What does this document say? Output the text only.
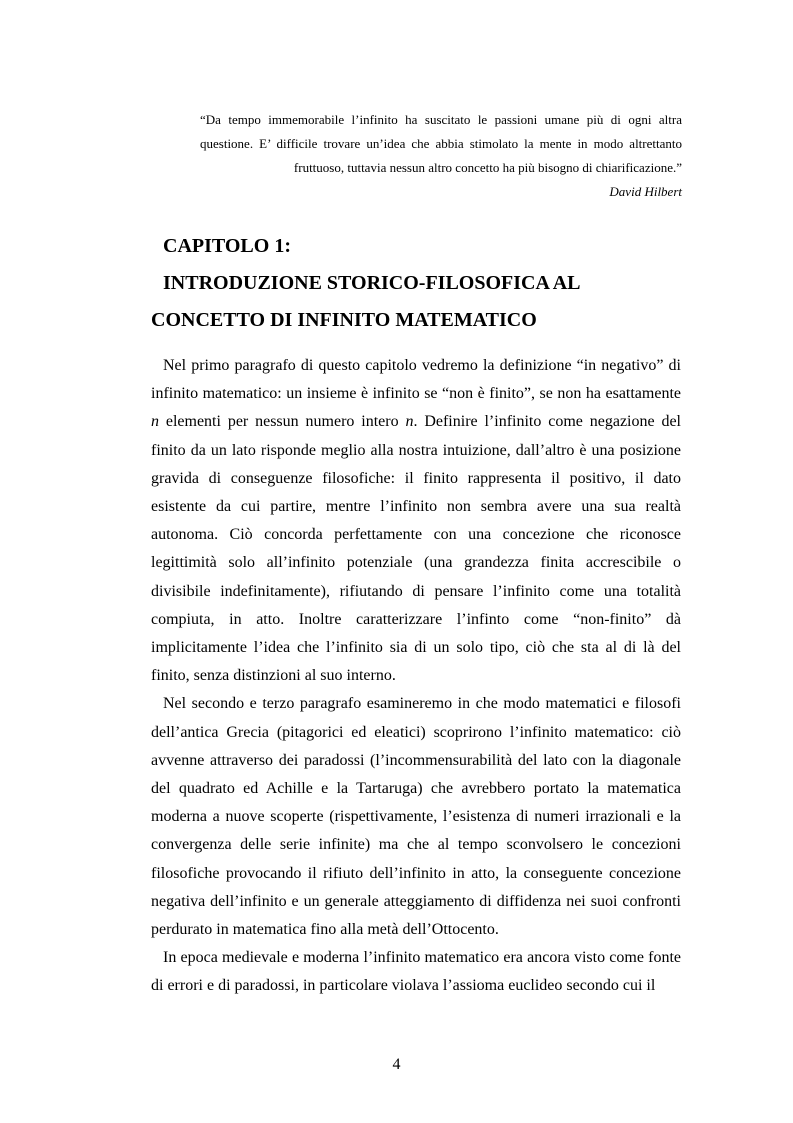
“Da tempo immemorabile l’infinito ha suscitato le passioni umane più di ogni altra questione. E’ difficile trovare un’idea che abbia stimolato la mente in modo altrettanto fruttuoso, tuttavia nessun altro concetto ha più bisogno di chiarificazione.”
David Hilbert
CAPITOLO 1:
INTRODUZIONE STORICO-FILOSOFICA AL CONCETTO DI INFINITO MATEMATICO

Nel primo paragrafo di questo capitolo vedremo la definizione “in negativo” di infinito matematico: un insieme è infinito se “non è finito”, se non ha esattamente n elementi per nessun numero intero n. Definire l’infinito come negazione del finito da un lato risponde meglio alla nostra intuizione, dall’altro è una posizione gravida di conseguenze filosofiche: il finito rappresenta il positivo, il dato esistente da cui partire, mentre l’infinito non sembra avere una sua realtà autonoma. Ciò concorda perfettamente con una concezione che riconosce legittimità solo all’infinito potenziale (una grandezza finita accrescibile o divisibile indefinitamente), rifiutando di pensare l’infinito come una totalità compiuta, in atto. Inoltre caratterizzare l’infinto come “non-finito” dà implicitamente l’idea che l’infinito sia di un solo tipo, ciò che sta al di là del finito, senza distinzioni al suo interno.

Nel secondo e terzo paragrafo esamineremo in che modo matematici e filosofi dell’antica Grecia (pitagorici ed eleatici) scoprirono l’infinito matematico: ciò avvenne attraverso dei paradossi (l’incommensurabilità del lato con la diagonale del quadrato ed Achille e la Tartaruga) che avrebbero portato la matematica moderna a nuove scoperte (rispettivamente, l’esistenza di numeri irrazionali e la convergenza delle serie infinite) ma che al tempo sconvolsero le concezioni filosofiche provocando il rifiuto dell’infinito in atto, la conseguente concezione negativa dell’infinito e un generale atteggiamento di diffidenza nei suoi confronti perdurato in matematica fino alla metà dell’Ottocento.

In epoca medievale e moderna l’infinito matematico era ancora visto come fonte di errori e di paradossi, in particolare violava l’assioma euclideo secondo cui il

4
